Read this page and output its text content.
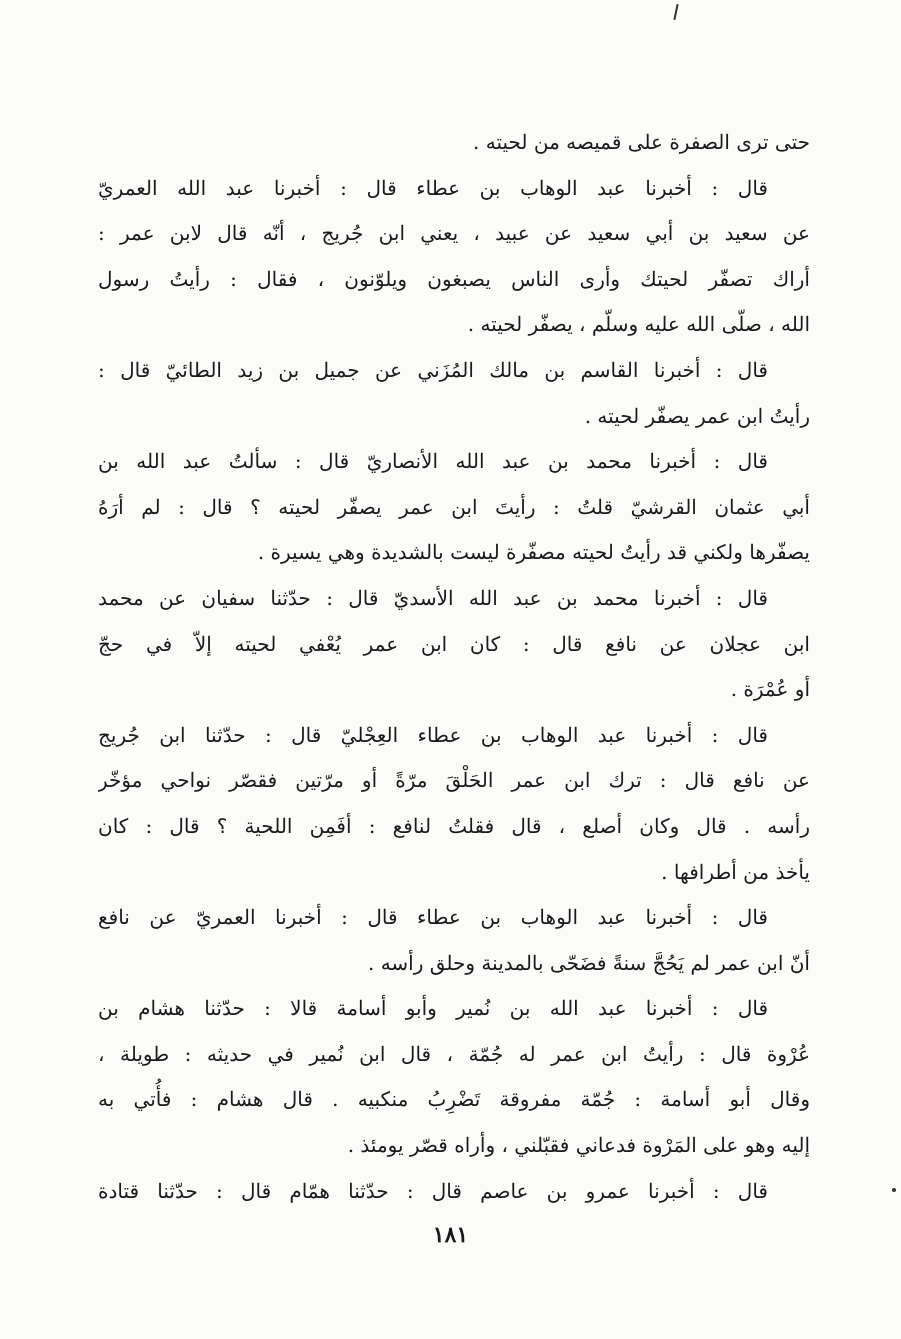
حتى ترى الصفرة على قميصه من لحيته .
قال : أخبرنا عبد الوهاب بن عطاء قال : أخبرنا عبد الله العمريّ
عن سعيد بن أبي سعيد عن عبيد ، يعني ابن جُريج ، أنّه قال لابن عمر :
أراك تصفّر لحيتك وأرى الناس يصبغون ويلوّنون ، فقال : رأيتُ رسول
الله ، صلّى الله عليه وسلّم ، يصفّر لحيته .
قال : أخبرنا القاسم بن مالك المُزَني عن جميل بن زيد الطائيّ قال :
رأيتُ ابن عمر يصفّر لحيته .
قال : أخبرنا محمد بن عبد الله الأنصاريّ قال : سألتُ عبد الله بن
أبي عثمان القرشيّ قلتُ : رأيتَ ابن عمر يصفّر لحيته ؟ قال : لم أرَهُ
يصفّرها ولكني قد رأيتُ لحيته مصفّرة ليست بالشديدة وهي يسيرة .
قال : أخبرنا محمد بن عبد الله الأسديّ قال : حدّثنا سفيان عن محمد
ابن عجلان عن نافع قال : كان ابن عمر يُعْفي لحيته إلاّ في حجّ
أو عُمْرَة .
قال : أخبرنا عبد الوهاب بن عطاء العِجْليّ قال : حدّثنا ابن جُريج
عن نافع قال : ترك ابن عمر الحَلْقَ مرّةً أو مرّتين فقصّر نواحي مؤخّر
رأسه . قال وكان أصلع ، قال فقلتُ لنافع : أفَمِن اللحية ؟ قال : كان
يأخذ من أطرافها .
قال : أخبرنا عبد الوهاب بن عطاء قال : أخبرنا العمريّ عن نافع
أنّ ابن عمر لم يَحُجَّ سنةً فضَحّى بالمدينة وحلق رأسه .
قال : أخبرنا عبد الله بن نُمير وأبو أسامة قالا : حدّثنا هشام بن
عُرْوة قال : رأيتُ ابن عمر له جُمّة ، قال ابن نُمير في حديثه : طويلة ،
وقال أبو أسامة : جُمّة مفروقة تَضْرِبُ منكبيه . قال هشام : فأُتي به
إليه وهو على المَرْوة فدعاني فقبّلني ، وأراه قصّر يومئذ .
قال : أخبرنا عمرو بن عاصم قال : حدّثنا همّام قال : حدّثنا قتادة
١٨١
